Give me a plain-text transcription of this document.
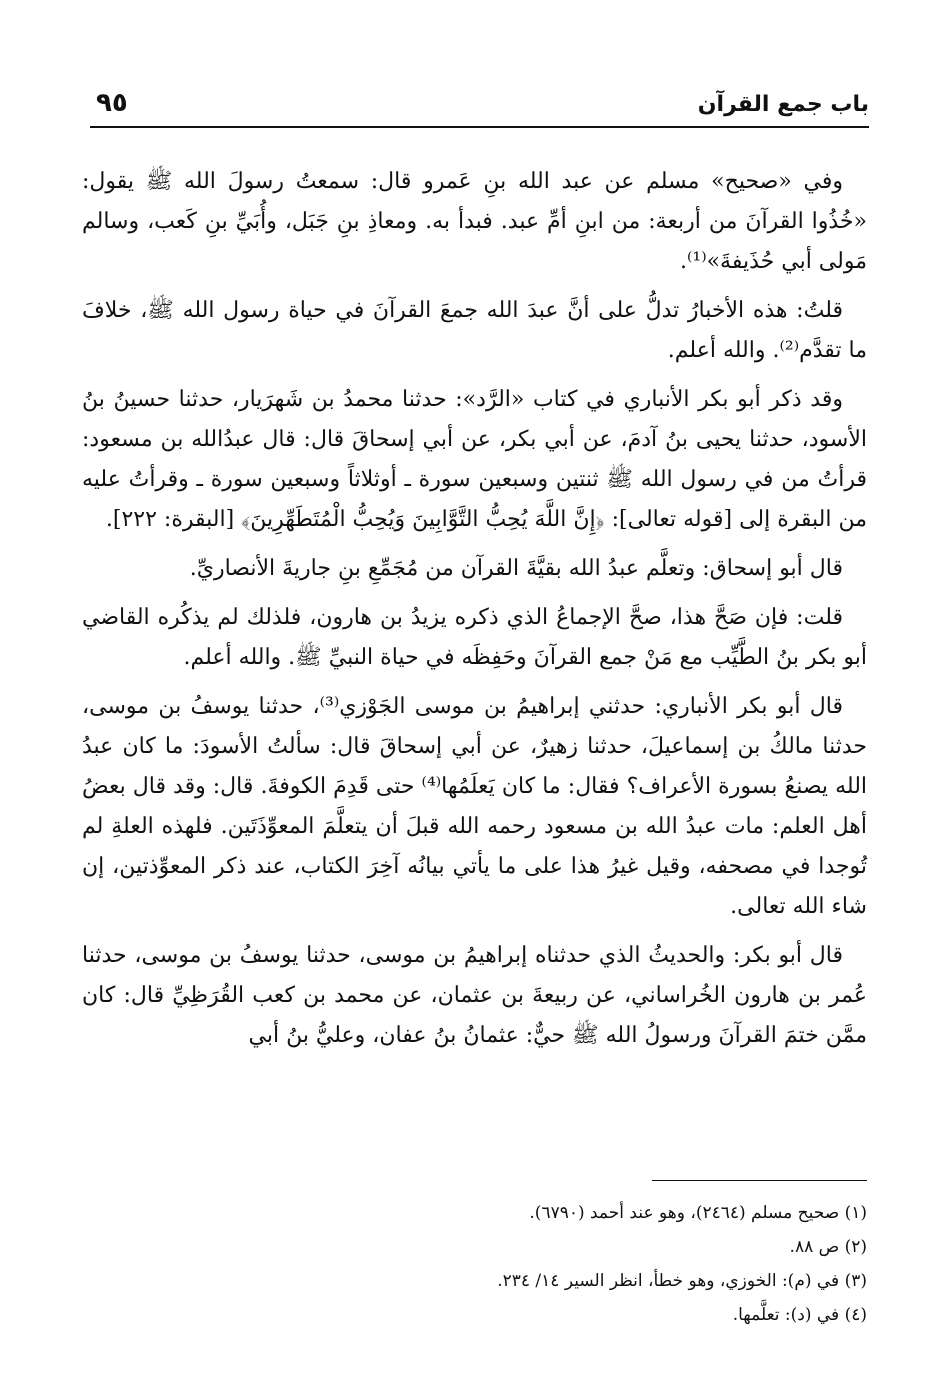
باب جمع القرآن
٩٥

وفي «صحيح» مسلم عن عبد الله بنِ عَمرو قال: سمعتُ رسولَ الله ﷺ يقول: «خُذُوا القرآنَ من أربعة: من ابنِ أمِّ عبد. فبدأ به. ومعاذِ بنِ جَبَل، وأُبَيِّ بنِ كَعب، وسالم مَولى أبي حُذَيفةَ»⁽¹⁾.

قلتُ: هذه الأخبارُ تدلُّ على أنَّ عبدَ الله جمعَ القرآنَ في حياة رسول الله ﷺ، خلافَ ما تقدَّم⁽²⁾. والله أعلم.

وقد ذكر أبو بكر الأنباري في كتاب «الرَّد»: حدثنا محمدُ بن شَهرَيار، حدثنا حسينُ بنُ الأسود، حدثنا يحيى بنُ آدمَ، عن أبي بكر، عن أبي إسحاقَ قال: قال عبدُالله بن مسعود: قرأتُ من في رسول الله ﷺ ثنتين وسبعين سورة ـ أوثلاثاً وسبعين سورة ـ وقرأتُ عليه من البقرة إلى [قوله تعالى]: ﴿إِنَّ اللَّهَ يُحِبُّ التَّوَّابِينَ وَيُحِبُّ الْمُتَطَهِّرِينَ﴾ [البقرة: ٢٢٢].

قال أبو إسحاق: وتعلَّم عبدُ الله بقيَّةَ القرآن من مُجَمِّعِ بنِ جاريةَ الأنصاريِّ.

قلت: فإن صَحَّ هذا، صحَّ الإجماعُ الذي ذكره يزيدُ بن هارون، فلذلك لم يذكُره القاضي أبو بكر بنُ الطَّيِّب مع مَنْ جمع القرآنَ وحَفِظَه في حياة النبيِّ ﷺ. والله أعلم.

قال أبو بكر الأنباري: حدثني إبراهيمُ بن موسى الجَوْزي⁽³⁾، حدثنا يوسفُ بن موسى، حدثنا مالكُ بن إسماعيلَ، حدثنا زهيرٌ، عن أبي إسحاقَ قال: سألتُ الأسودَ: ما كان عبدُ الله يصنعُ بسورة الأعراف؟ فقال: ما كان يَعلَمُها⁽⁴⁾ حتى قَدِمَ الكوفةَ. قال: وقد قال بعضُ أهل العلم: مات عبدُ الله بن مسعود رحمه الله قبلَ أن يتعلَّمَ المعوِّذَتَين. فلهذه العلةِ لم تُوجدا في مصحفه، وقيل غيرُ هذا على ما يأتي بيانُه آخِرَ الكتاب، عند ذكر المعوِّذتين، إن شاء الله تعالى.

قال أبو بكر: والحديثُ الذي حدثناه إبراهيمُ بن موسى، حدثنا يوسفُ بن موسى، حدثنا عُمر بن هارون الخُراساني، عن ربيعةَ بن عثمان، عن محمد بن كعب القُرَظِيِّ قال: كان ممَّن ختمَ القرآنَ ورسولُ الله ﷺ حيٌّ: عثمانُ بنُ عفان، وعليُّ بنُ أبي

(١) صحيح مسلم (٢٤٦٤)، وهو عند أحمد (٦٧٩٠).

(٢) ص ٨٨.

(٣) في (م): الخوزي، وهو خطأ، انظر السير ١٤/ ٢٣٤.

(٤) في (د): تعلَّمها.
